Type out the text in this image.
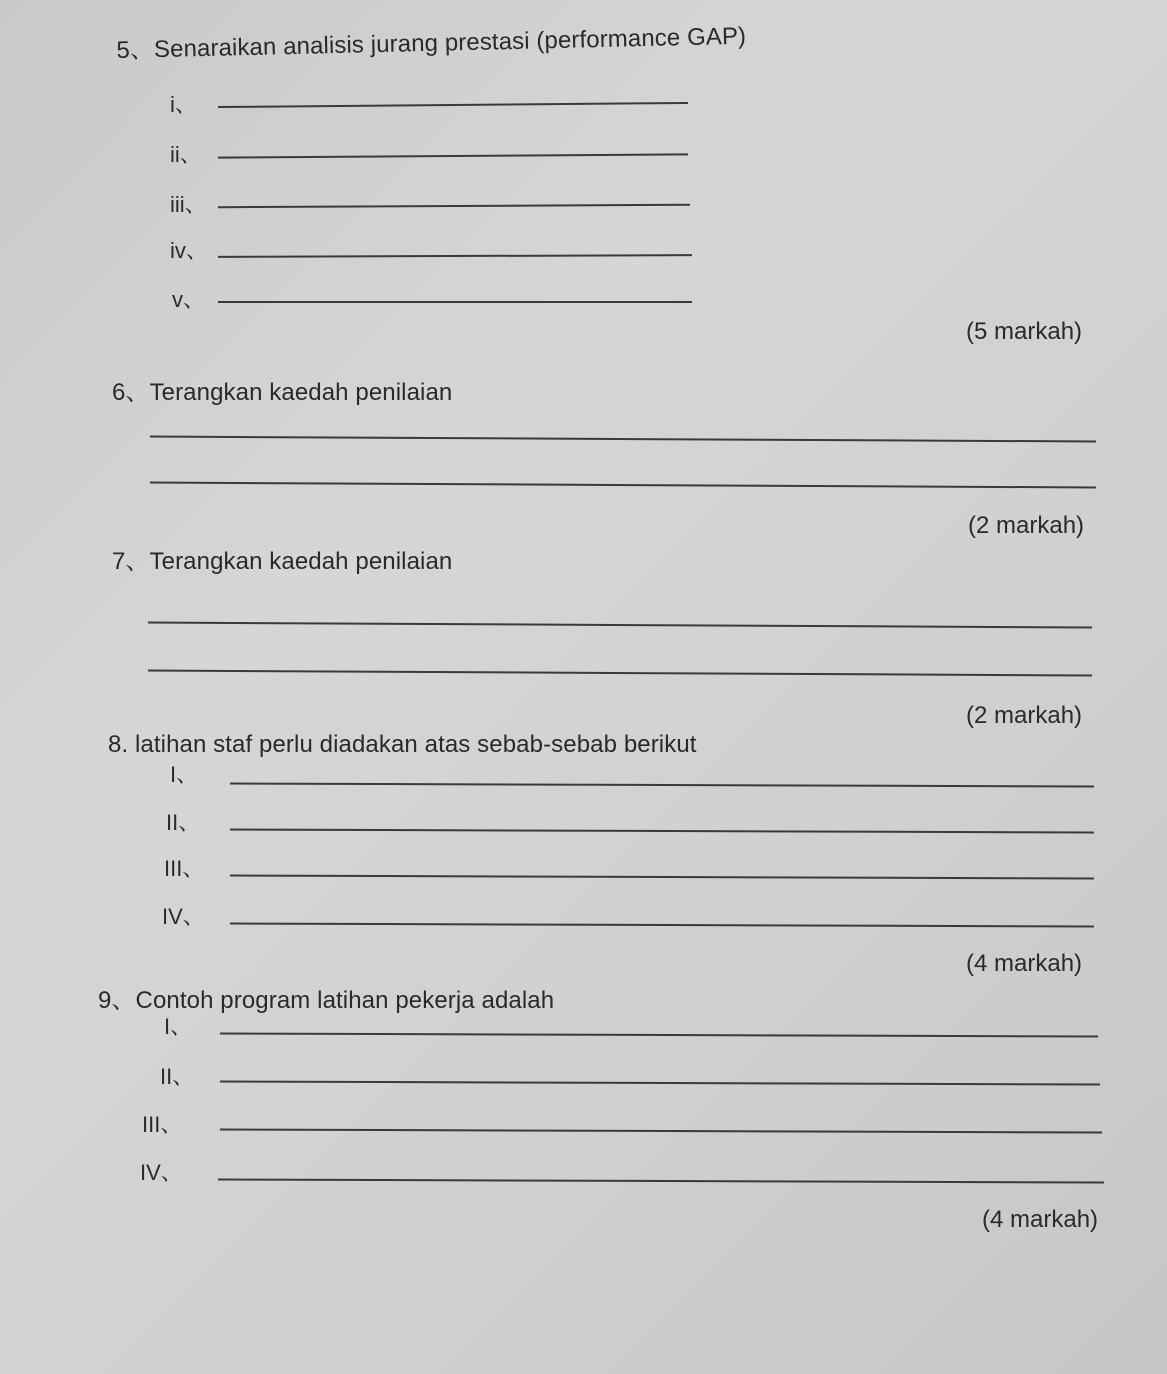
5、Senaraikan analisis jurang prestasi (performance GAP)
i、
ii、
iii、
iv、
v、
(5 markah)
6、Terangkan kaedah penilaian
(2 markah)
7、Terangkan kaedah penilaian
(2 markah)
8. latihan staf perlu diadakan atas sebab-sebab berikut
I、
II、
III、
IV、
(4 markah)
9、Contoh program latihan pekerja adalah
I、
II、
III、
IV、
(4 markah)
